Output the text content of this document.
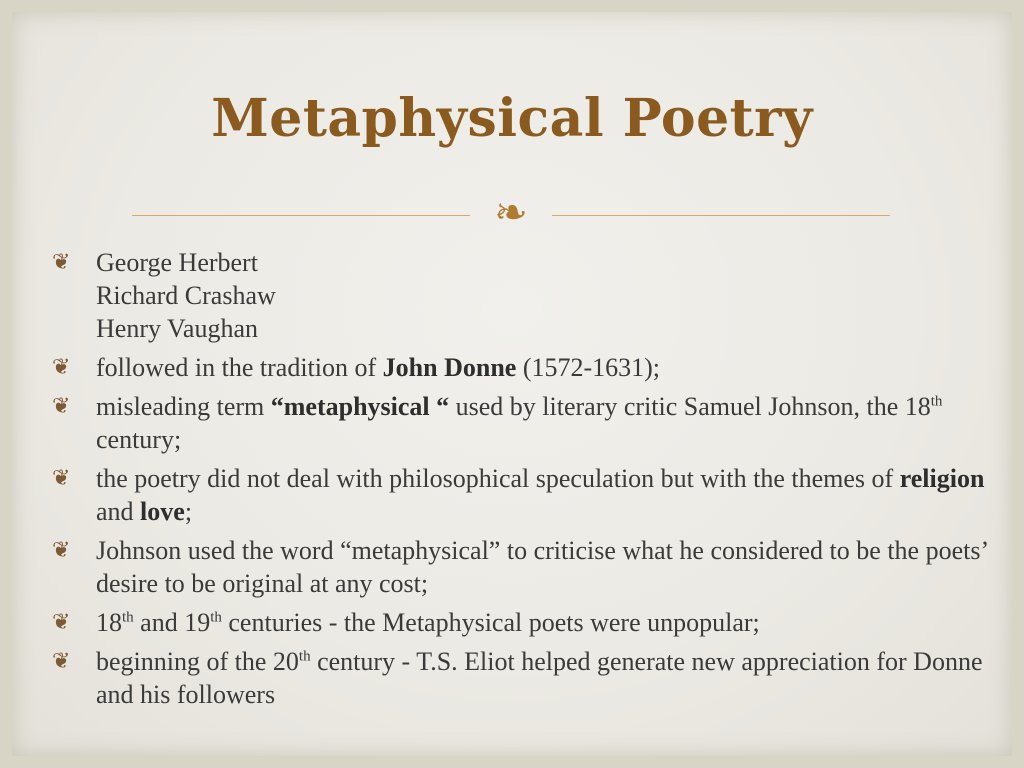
Metaphysical Poetry
❧
❦ George Herbert
Richard Crashaw
Henry Vaughan
❦ followed in the tradition of John Donne (1572-1631);
❦ misleading term “metaphysical “ used by literary critic Samuel Johnson, the 18th century;
❦ the poetry did not deal with philosophical speculation but with the themes of religion and love;
❦ Johnson used the word “metaphysical” to criticise what he considered to be the poets’ desire to be original at any cost;
❦ 18th and 19th centuries - the Metaphysical poets were unpopular;
❦ beginning of the 20th century - T.S. Eliot helped generate new appreciation for Donne and his followers
